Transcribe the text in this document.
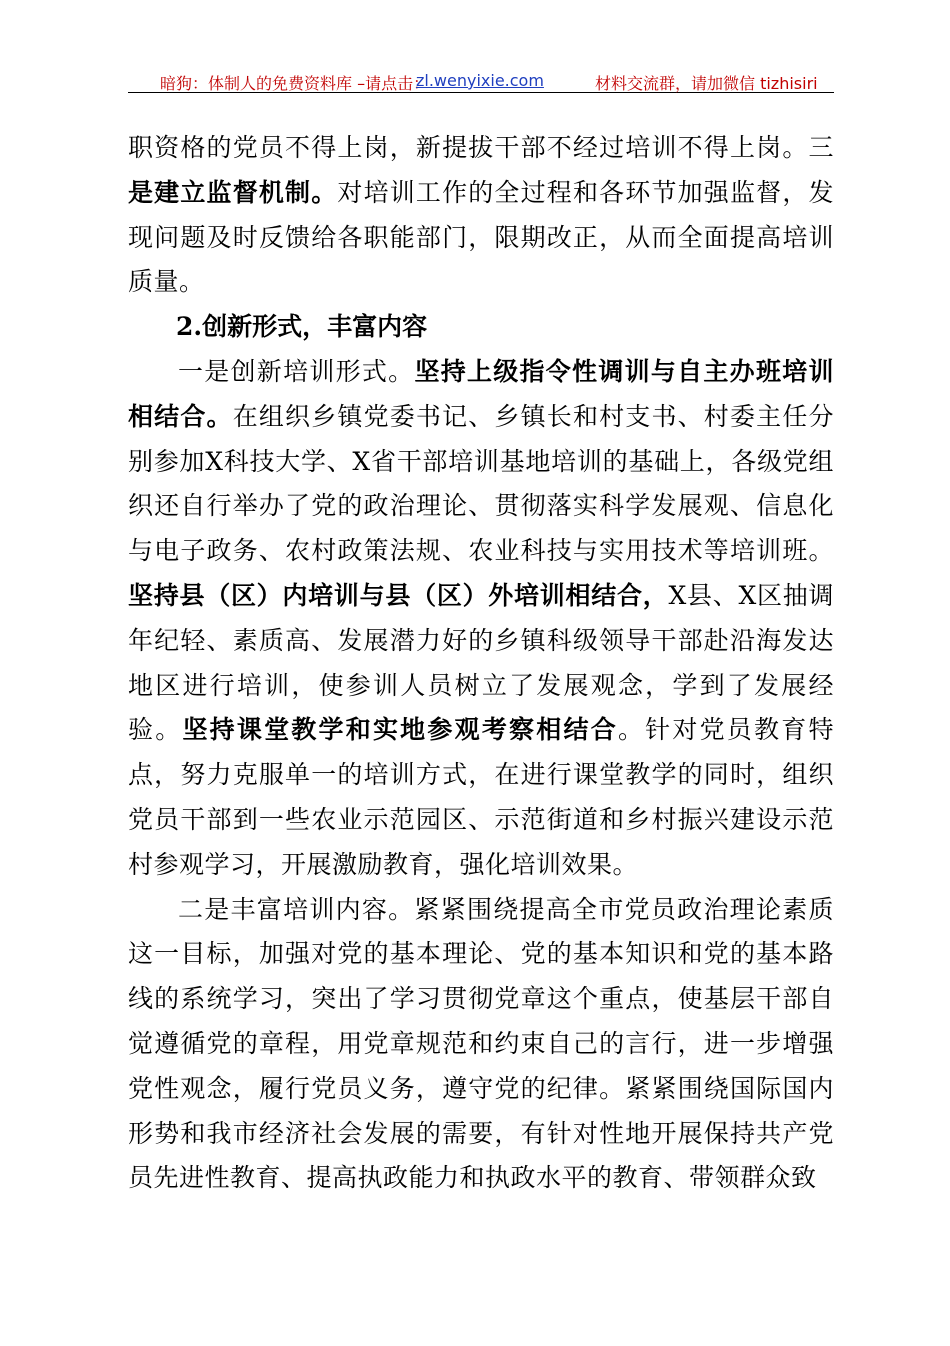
暗狗：体制人的免费资料库 –请点击：
zl.wenyixie.com	材料交流群，请加微信 tizhisiri

职资格的党员不得上岗，新提拔干部不经过培训不得上岗。三是建立监督机制。对培训工作的全过程和各环节加强监督，发现问题及时反馈给各职能部门，限期改正，从而全面提高培训质量。

2.创新形式，丰富内容

一是创新培训形式。坚持上级指令性调训与自主办班培训相结合。在组织乡镇党委书记、乡镇长和村支书、村委主任分别参加X科技大学、X省干部培训基地培训的基础上，各级党组织还自行举办了党的政治理论、贯彻落实科学发展观、信息化与电子政务、农村政策法规、农业科技与实用技术等培训班。坚持县（区）内培训与县（区）外培训相结合，X县、X区抽调年纪轻、素质高、发展潜力好的乡镇科级领导干部赴沿海发达地区进行培训，使参训人员树立了发展观念，学到了发展经验。坚持课堂教学和实地参观考察相结合。针对党员教育特点，努力克服单一的培训方式，在进行课堂教学的同时，组织党员干部到一些农业示范园区、示范街道和乡村振兴建设示范村参观学习，开展激励教育，强化培训效果。

二是丰富培训内容。紧紧围绕提高全市党员政治理论素质这一目标，加强对党的基本理论、党的基本知识和党的基本路线的系统学习，突出了学习贯彻党章这个重点，使基层干部自觉遵循党的章程，用党章规范和约束自己的言行，进一步增强党性观念，履行党员义务，遵守党的纪律。紧紧围绕国际国内形势和我市经济社会发展的需要，有针对性地开展保持共产党员先进性教育、提高执政能力和执政水平的教育、带领群众致
